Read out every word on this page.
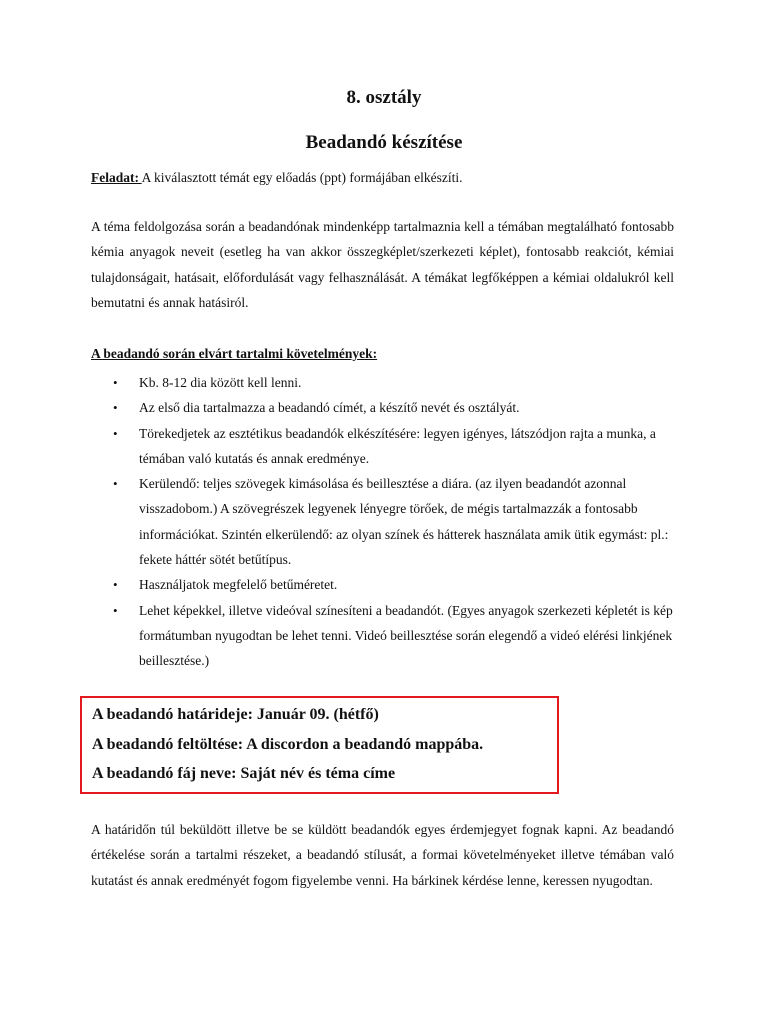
8. osztály
Beadandó készítése
Feladat: A kiválasztott témát egy előadás (ppt) formájában elkészíti.

A téma feldolgozása során a beadandónak mindenképp tartalmaznia kell a témában megtalálható fontosabb kémia anyagok neveit (esetleg ha van akkor összegképlet/szerkezeti képlet), fontosabb reakciót, kémiai tulajdonságait, hatásait, előfordulását vagy felhasználását. A témákat legfőképpen a kémiai oldalukról kell bemutatni és annak hatásiról.

A beadandó során elvárt tartalmi követelmények:

• Kb. 8-12 dia között kell lenni.
• Az első dia tartalmazza a beadandó címét, a készítő nevét és osztályát.
• Törekedjetek az esztétikus beadandók elkészítésére: legyen igényes, látszódjon rajta a munka, a témában való kutatás és annak eredménye.
• Kerülendő: teljes szövegek kimásolása és beillesztése a diára. (az ilyen beadandót azonnal visszadobom.) A szövegrészek legyenek lényegre törőek, de mégis tartalmazzák a fontosabb információkat. Szintén elkerülendő: az olyan színek és hátterek használata amik ütik egymást: pl.: fekete háttér sötét betűtípus.
• Használjatok megfelelő betűméretet.
• Lehet képekkel, illetve videóval színesíteni a beadandót. (Egyes anyagok szerkezeti képletét is kép formátumban nyugodtan be lehet tenni. Videó beillesztése során elegendő a videó elérési linkjének beillesztése.)

A beadandó határideje: Január 09. (hétfő)

A beadandó feltöltése: A discordon a beadandó mappába.

A beadandó fáj neve: Saját név és téma címe

A határidőn túl beküldött illetve be se küldött beadandók egyes érdemjegyet fognak kapni. Az beadandó értékelése során a tartalmi részeket, a beadandó stílusát, a formai követelményeket illetve témában való kutatást és annak eredményét fogom figyelembe venni. Ha bárkinek kérdése lenne, keressen nyugodtan.
